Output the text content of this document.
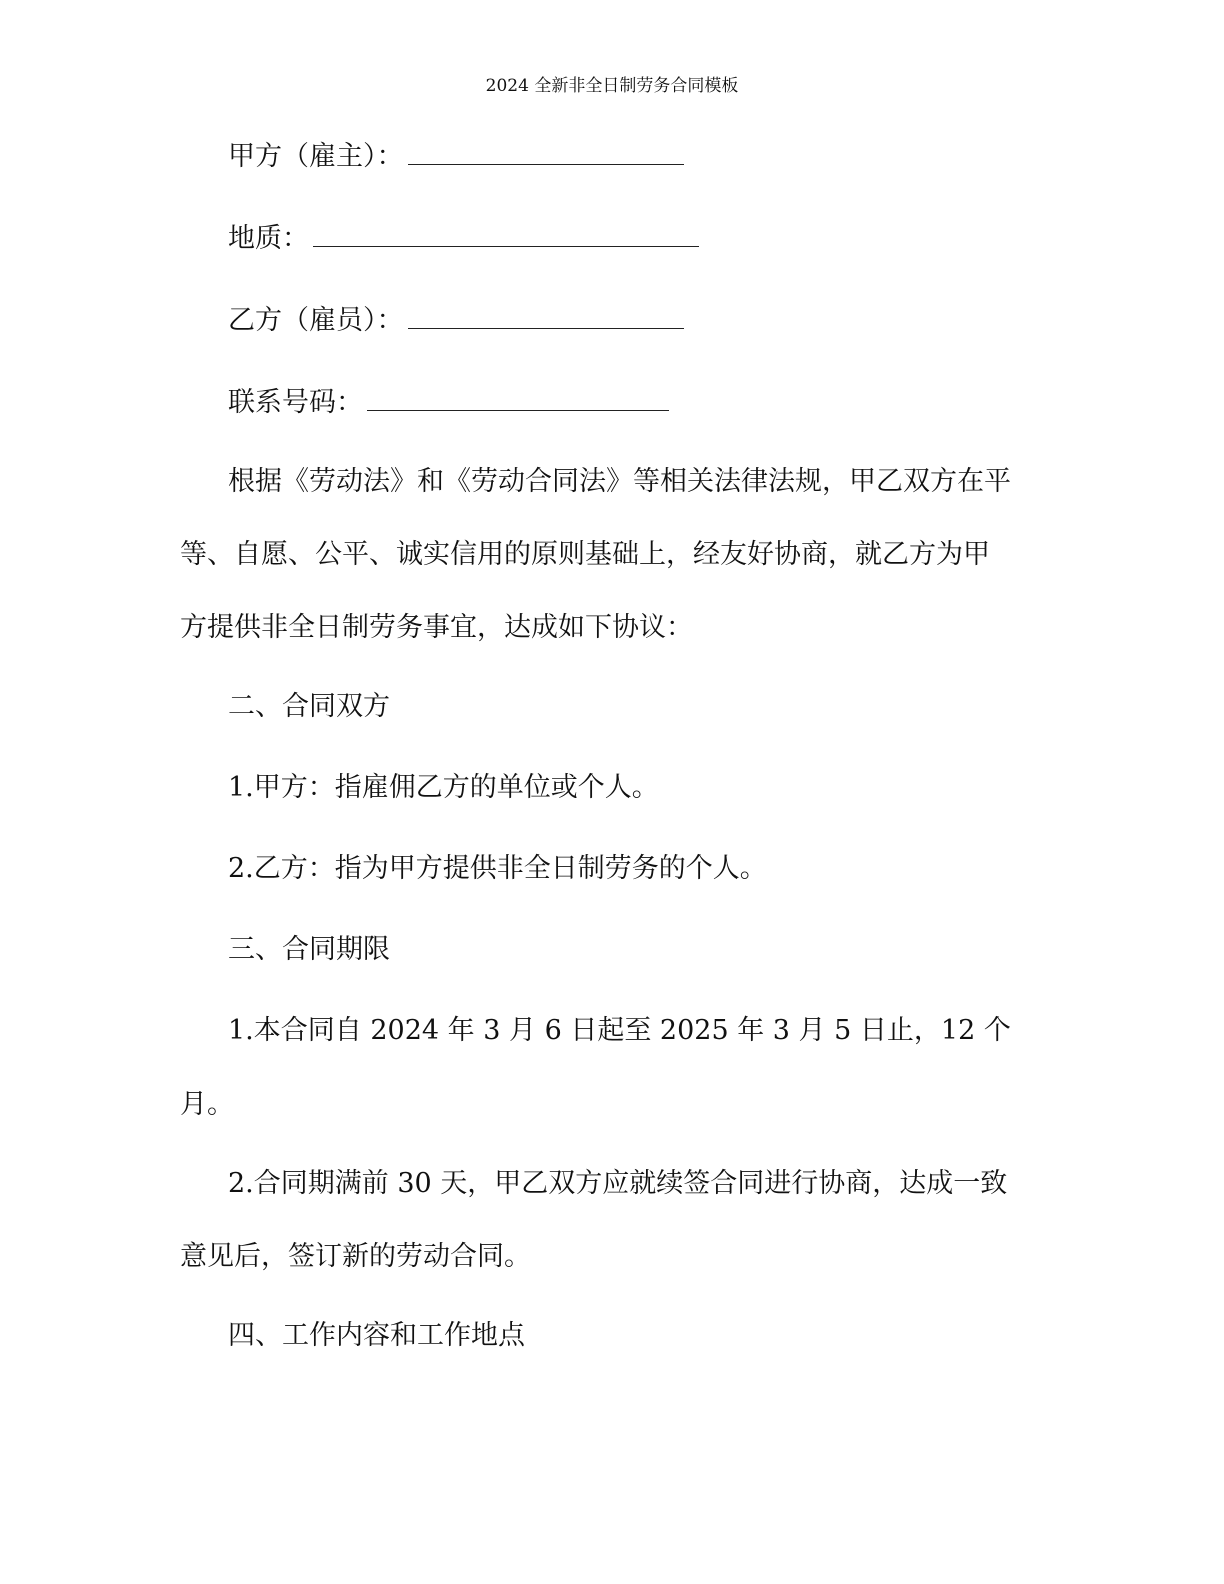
2024 全新非全日制劳务合同模板
甲方（雇主）：
地质：
乙方（雇员）：
联系号码：
根据《劳动法》和《劳动合同法》等相关法律法规，甲乙双方在平
等、自愿、公平、诚实信用的原则基础上，经友好协商，就乙方为甲
方提供非全日制劳务事宜，达成如下协议：
二、合同双方
1.甲方：指雇佣乙方的单位或个人。
2.乙方：指为甲方提供非全日制劳务的个人。
三、合同期限
1.本合同自 2024 年 3 月 6 日起至 2025 年 3 月 5 日止，12 个
月。
2.合同期满前 30 天，甲乙双方应就续签合同进行协商，达成一致
意见后，签订新的劳动合同。
四、工作内容和工作地点
